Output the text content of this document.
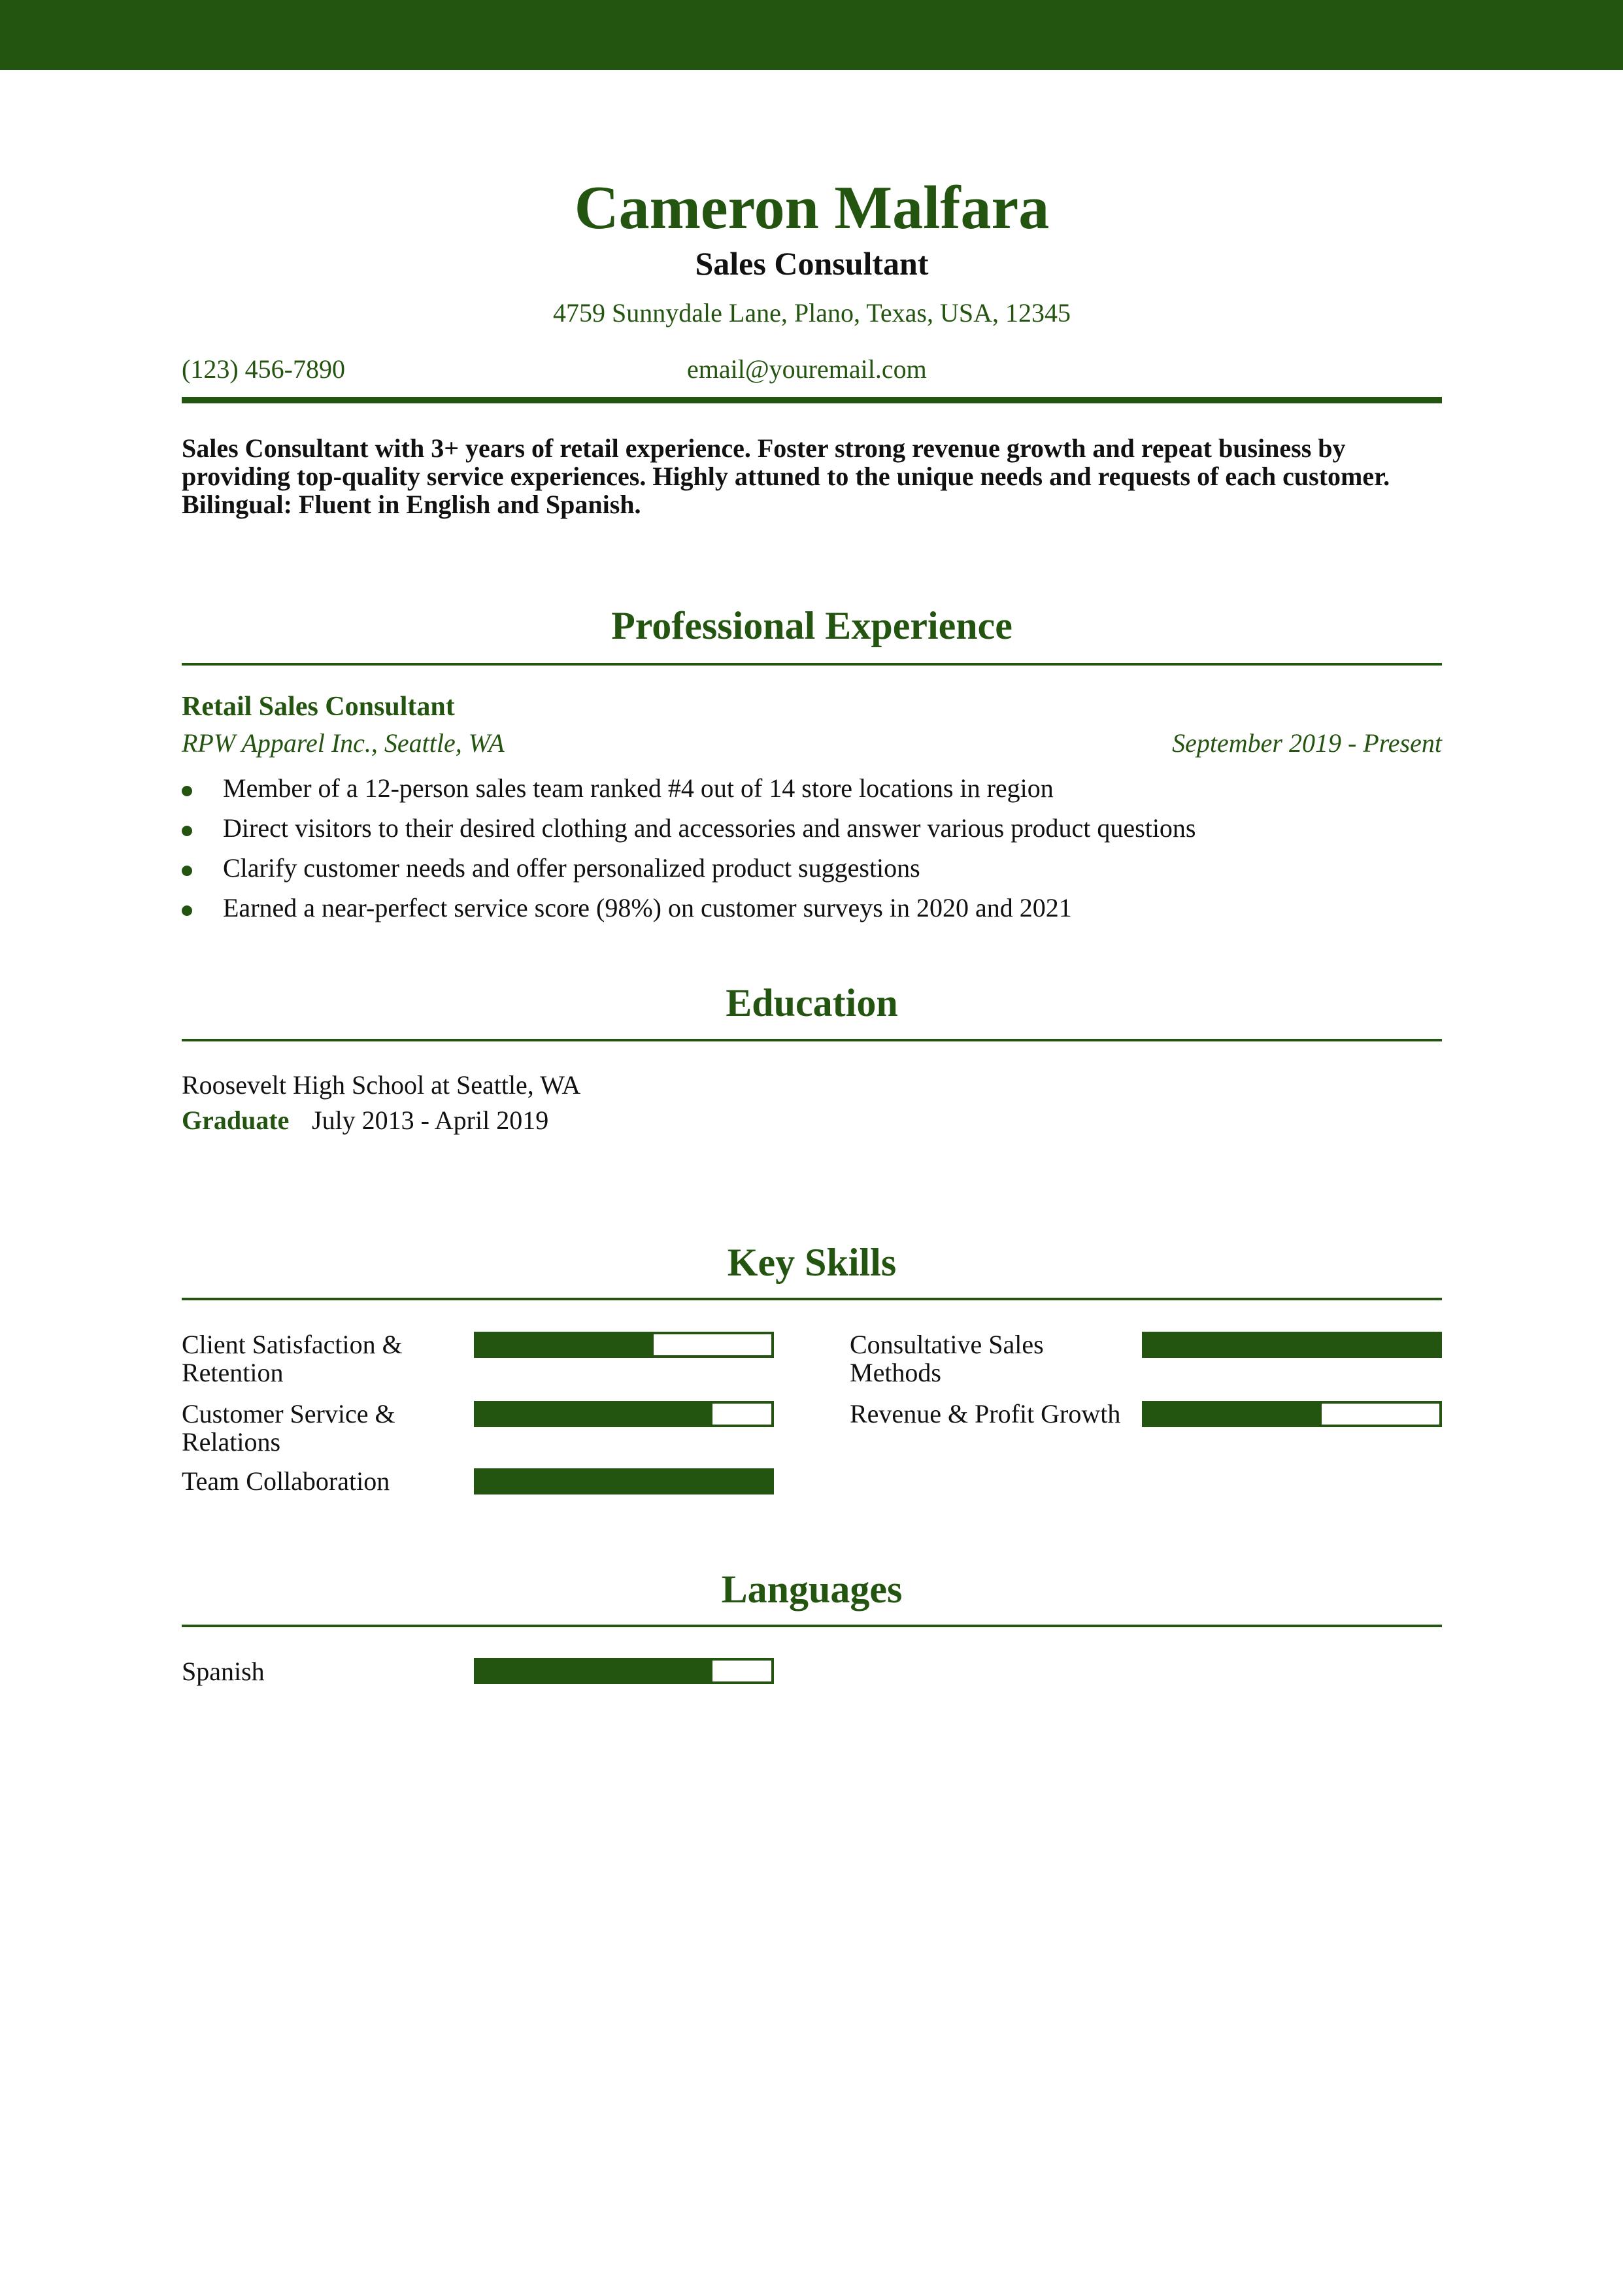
Cameron Malfara
Sales Consultant
4759 Sunnydale Lane, Plano, Texas, USA, 12345
(123) 456-7890	email@youremail.com
Sales Consultant with 3+ years of retail experience. Foster strong revenue growth and repeat business by providing top-quality service experiences. Highly attuned to the unique needs and requests of each customer. Bilingual: Fluent in English and Spanish.
Professional Experience
Retail Sales Consultant
RPW Apparel Inc., Seattle, WA	September 2019 - Present
Member of a 12-person sales team ranked #4 out of 14 store locations in region
Direct visitors to their desired clothing and accessories and answer various product questions
Clarify customer needs and offer personalized product suggestions
Earned a near-perfect service score (98%) on customer surveys in 2020 and 2021
Education
Roosevelt High School at Seattle, WA
Graduate July 2013 - April 2019
Key Skills
Client Satisfaction & Retention
Consultative Sales Methods
Customer Service & Relations
Revenue & Profit Growth
Team Collaboration
Languages
Spanish
